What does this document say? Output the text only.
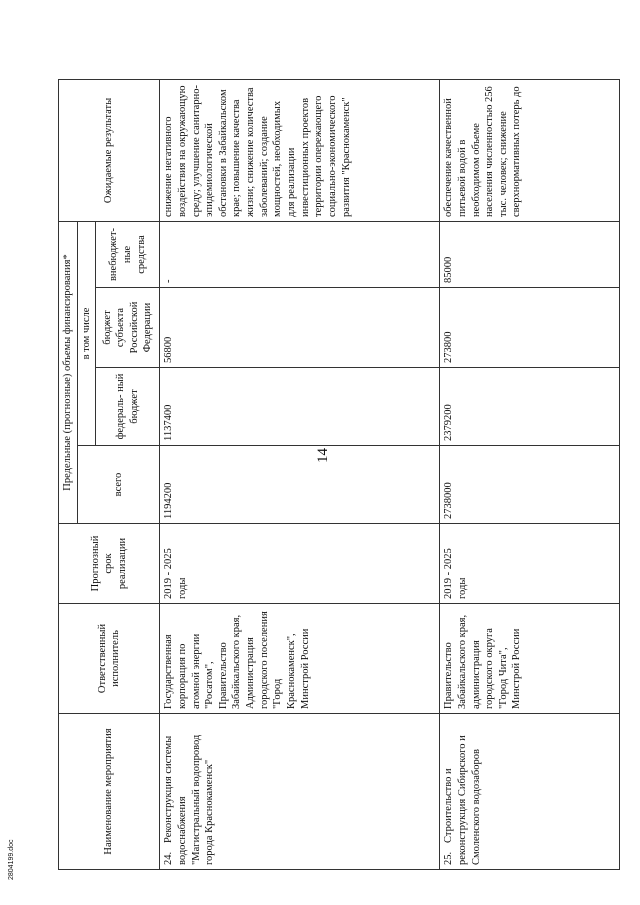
14
Наименование мероприятия	Ответственный исполнитель	Прогнозный срок реализации	Предельные (прогнозные) объемы финансирования*				Ожидаемые результаты
			всего	в том числе			
				федераль- ный бюджет	бюджет субъекта Российской Федерации	внебюджет- ные средства	
24.Реконструкция системы водоснабжения "Магистральный водопровод города Краснокаменск"	Государственная корпорация по атомной энергии "Росатом", Правительство Забайкальского края, Администрация городского поселения "Город Краснокаменск", Минстрой России	2019 - 2025 годы	1194200	1137400	56800	-	снижение негативного воздействия на окружающую среду; улучшение санитарно-эпидемиологической обстановки в Забайкальском крае; повышение качества жизни; снижение количества заболеваний; создание мощностей, необходимых для реализации инвестиционных проектов территории опережающего социально-экономического развития "Краснокаменск"
25.Строительство и реконструкция Сибирского и Смоленского водозаборов	Правительство Забайкальского края, администрация городского округа "Город Чита", Минстрой России	2019 - 2025 годы	2738000	2379200	273800	85000	обеспечение качественной питьевой водой в необходимом объеме населения численностью 256 тыс. человек; снижение сверхнормативных потерь до
2804199.doc
